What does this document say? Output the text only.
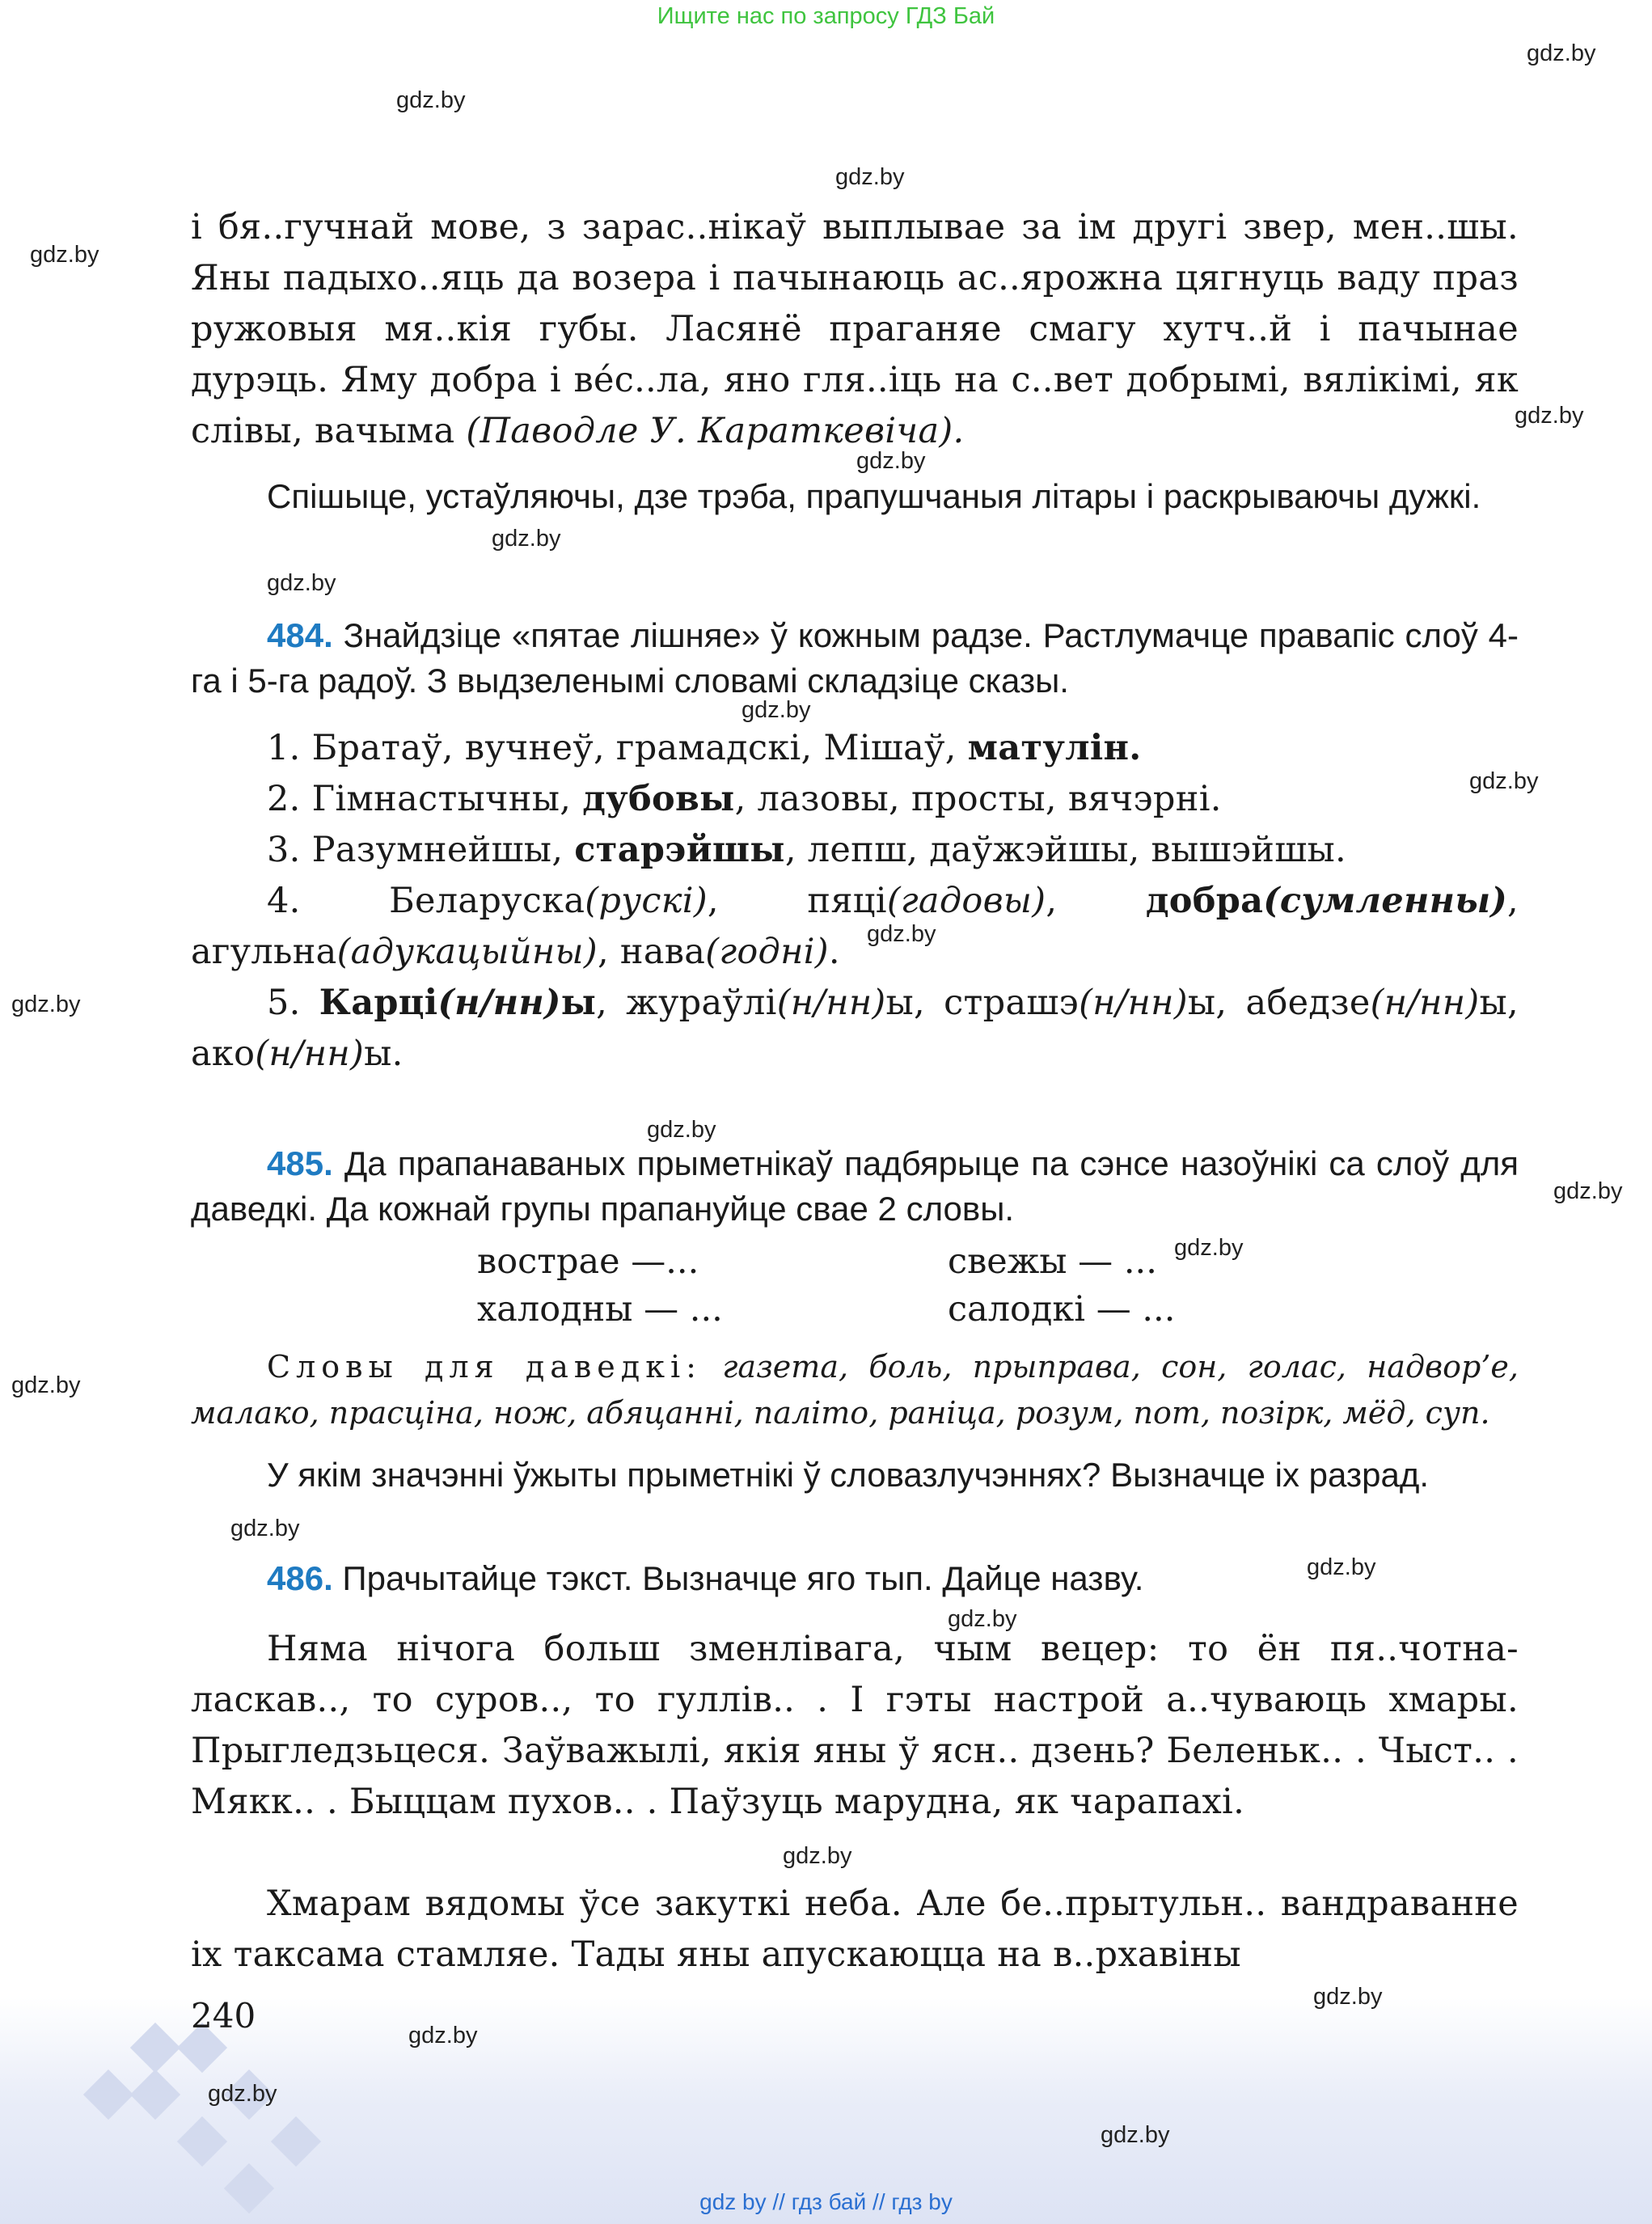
Ищите нас по запросу ГДЗ Бай
gdz.by
gdz.by
gdz.by
gdz.by
gdz.by
gdz.by
gdz.by
gdz.by
gdz.by
gdz.by
gdz.by
gdz.by
gdz.by
gdz.by
gdz.by
gdz.by
gdz.by
gdz.by
gdz.by
gdz.by
gdz.by
gdz.by
gdz.by
gdz.by

і бя..гучнай мове, з зарас..нікаў выплывае за ім другі звер, мен..шы. Яны падыхо..яць да возера і пачынаюць ас..ярожна цягнуць ваду праз ружовыя мя..кія губы. Ласянё праганяе смагу хутч..й і пачынае дурэць. Яму добра і ве́с..ла, яно гля..іць на с..вет добрымі, вялікімі, як слівы, вачыма (Паводле У. Караткевіча).

Спішыце, устаўляючы, дзе трэба, прапушчаныя літары і раскрываючы дужкі.

484. Знайдзіце «пятае лішняе» ў кожным радзе. Растлумачце правапіс слоў 4-га і 5-га радоў. З выдзеленымі словамі складзіце сказы.

1. Братаў, вучнеў, грамадскі, Мішаў, матулін.

2. Гімнастычны, дубовы, лазовы, просты, вячэрні.

3. Разумнейшы, старэйшы, лепш, даўжэйшы, вышэйшы.

4. Беларуска(рускі), пяці(гадовы), добра(сумленны), агульна(адукацыйны), нава(годні).

5. Карці(н/нн)ы, жураўлі(н/нн)ы, страшэ(н/нн)ы, абедзе(н/нн)ы, ако(н/нн)ы.

485. Да прапанаваных прыметнікаў падбярыце па сэнсе назоўнікі са слоў для даведкі. Да кожнай групы прапануйце свае 2 словы.

вострае —...	свежы — ...
халодны — ...	салодкі — ...

Словы для даведкі: газета, боль, прыправа, сон, голас, надвор’е, малако, прасціна, нож, абяцанні, паліто, раніца, розум, пот, позірк, мёд, суп.

У якім значэнні ўжыты прыметнікі ў словазлучэннях? Вызначце іх разрад.

486. Прачытайце тэкст. Вызначце яго тып. Дайце назву.

Няма нічога больш зменлівага, чым вецер: то ён пя..чотна-ласкав.., то суров.., то гуллів.. . І гэты настрой а..чуваюць хмары. Прыгледзьцеся. Заўважылі, якія яны ў ясн.. дзень? Беленьк.. . Чыст.. . Мякк.. . Быццам пухов.. . Паўзуць марудна, як чарапахі.

Хмарам вядомы ўсе закуткі неба. Але бе..прытульн.. вандраванне іх таксама стамляе. Тады яны апускаюцца на в..рхавіны

240
gdz by // гдз бай // гдз by
